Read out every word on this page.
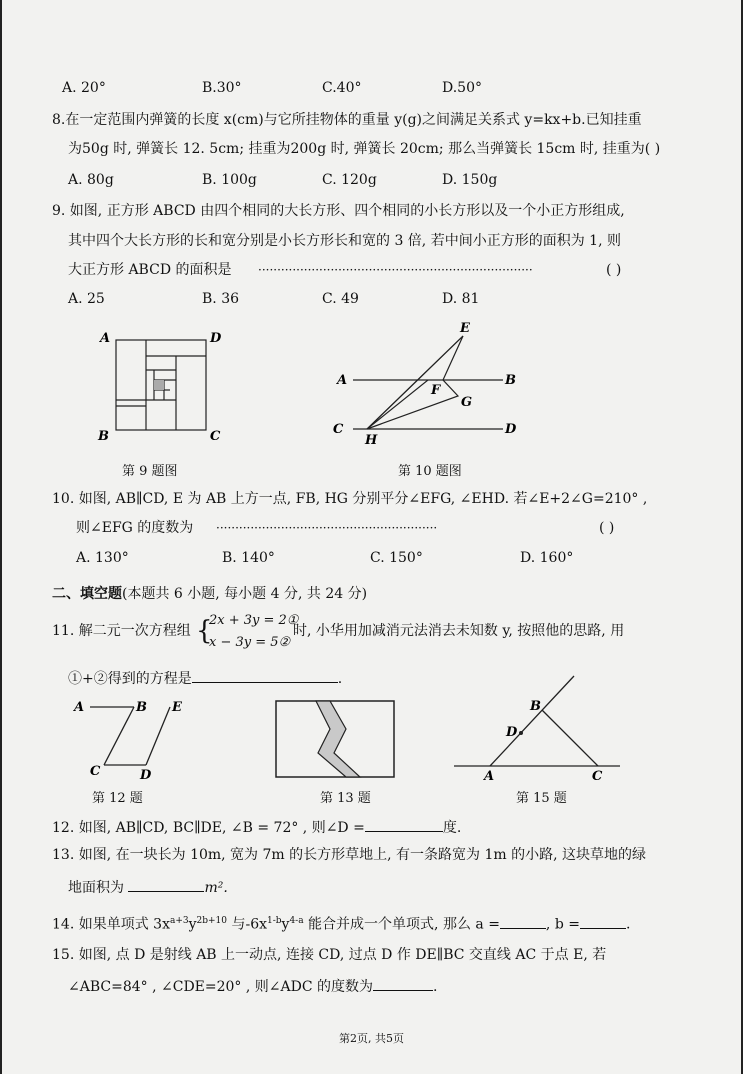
A. 20°	B.30°	C.40°	D.50°
8.在一定范围内弹簧的长度 x(cm)与它所挂物体的重量 y(g)之间满足关系式 y=kx+b.已知挂重
为50g 时, 弹簧长 12. 5cm; 挂重为200g 时, 弹簧长 20cm; 那么当弹簧长 15cm 时, 挂重为( )
A. 80g	B. 100g	C. 120g	D. 150g
9. 如图, 正方形 ABCD 由四个相同的大长方形、四个相同的小长方形以及一个小正方形组成,
其中四个大长方形的长和宽分别是小长方形长和宽的 3 倍, 若中间小正方形的面积为 1, 则
大正方形 ABCD 的面积是 ········································································	( )
A. 25	B. 36	C. 49	D. 81
A	D
B	C
第 9 题图
E
A	B
F
G
C
H
D
第 10 题图
10. 如图, AB∥CD, E 为 AB 上方一点, FB, HG 分别平分∠EFG, ∠EHD. 若∠E+2∠G=210° ,
则∠EFG 的度数为 ··························································	( )
A. 130°	B. 140°	C. 150°	D. 160°
二、填空题(本题共 6 小题, 每小题 4 分, 共 24 分)
11. 解二元一次方程组 {
2x + 3y = 2①
x − 3y = 5②
时, 小华用加减消元法消去未知数 y, 按照他的思路, 用
①+②得到的方程是	.
A	B E
C	D
第 12 题	第 13 题
B
D
A	C
第 15 题
12. 如图, AB∥CD, BC∥DE, ∠B = 72° , 则∠D =	度.
13. 如图, 在一块长为 10m, 宽为 7m 的长方形草地上, 有一条路宽为 1m 的小路, 这块草地的绿
地面积为	m².
14. 如果单项式 $3x^{a+3}y^{2b+10}$ 与$-6x^{1-b}y^{4-a}$ 能合并成一个单项式, 那么 a =	, b =	.
15. 如图, 点 D 是射线 AB 上一动点, 连接 CD, 过点 D 作 DE∥BC 交直线 AC 于点 E, 若
∠ABC=84° , ∠CDE=20° , 则∠ADC 的度数为	.
第2页, 共5页
